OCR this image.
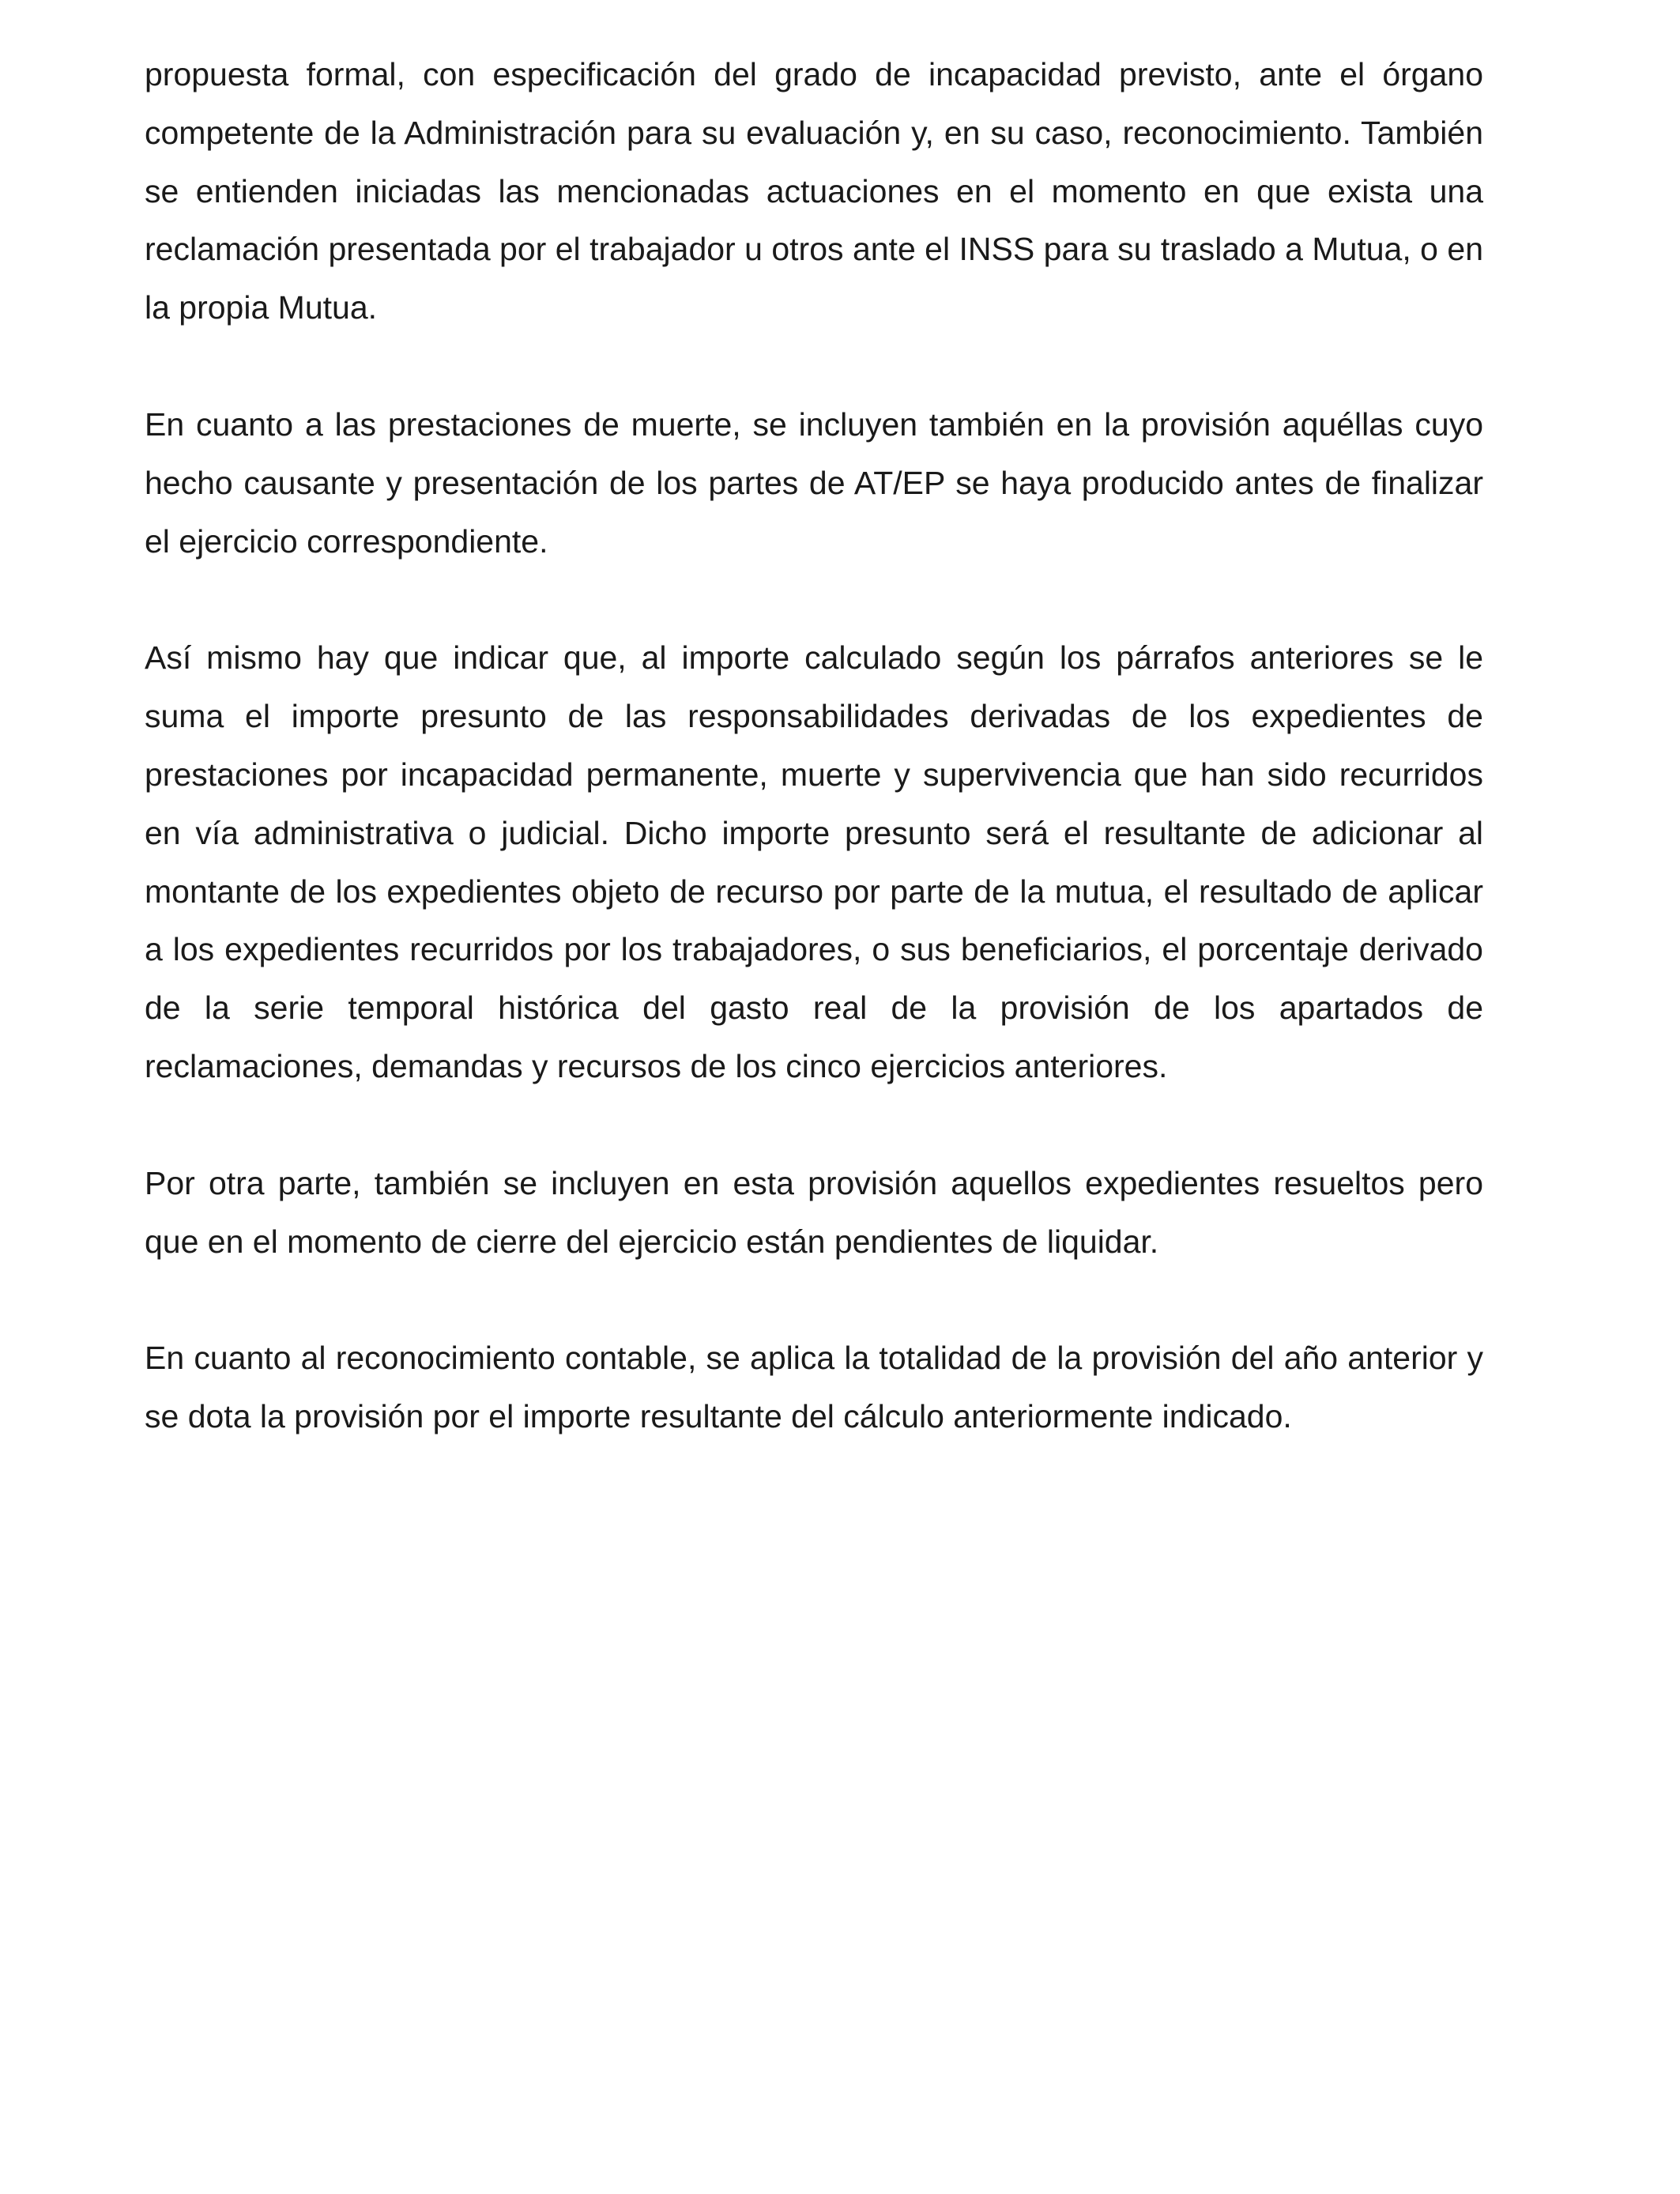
propuesta formal, con especificación del grado de incapacidad previsto, ante el órgano competente de la Administración para su evaluación y, en su caso, reconocimiento. También se entienden iniciadas las mencionadas actuaciones en el momento en que exista una reclamación presentada por el trabajador u otros ante el INSS para su traslado a Mutua, o en la propia Mutua.

En cuanto a las prestaciones de muerte, se incluyen también en la provisión aquéllas cuyo hecho causante y presentación de los partes de AT/EP se haya producido antes de finalizar el ejercicio correspondiente.

Así mismo hay que indicar que, al importe calculado según los párrafos anteriores se le suma el importe presunto de las responsabilidades derivadas de los expedientes de prestaciones por incapacidad permanente, muerte y supervivencia que han sido recurridos en vía administrativa o judicial. Dicho importe presunto será el resultante de adicionar al montante de los expedientes objeto de recurso por parte de la mutua, el resultado de aplicar a los expedientes recurridos por los trabajadores, o sus beneficiarios, el porcentaje derivado de la serie temporal histórica del gasto real de la provisión de los apartados de reclamaciones, demandas y recursos de los cinco ejercicios anteriores.

Por otra parte, también se incluyen en esta provisión aquellos expedientes resueltos pero que en el momento de cierre del ejercicio están pendientes de liquidar.

En cuanto al reconocimiento contable, se aplica la totalidad de la provisión del año anterior y se dota la provisión por el importe resultante del cálculo anteriormente indicado.
